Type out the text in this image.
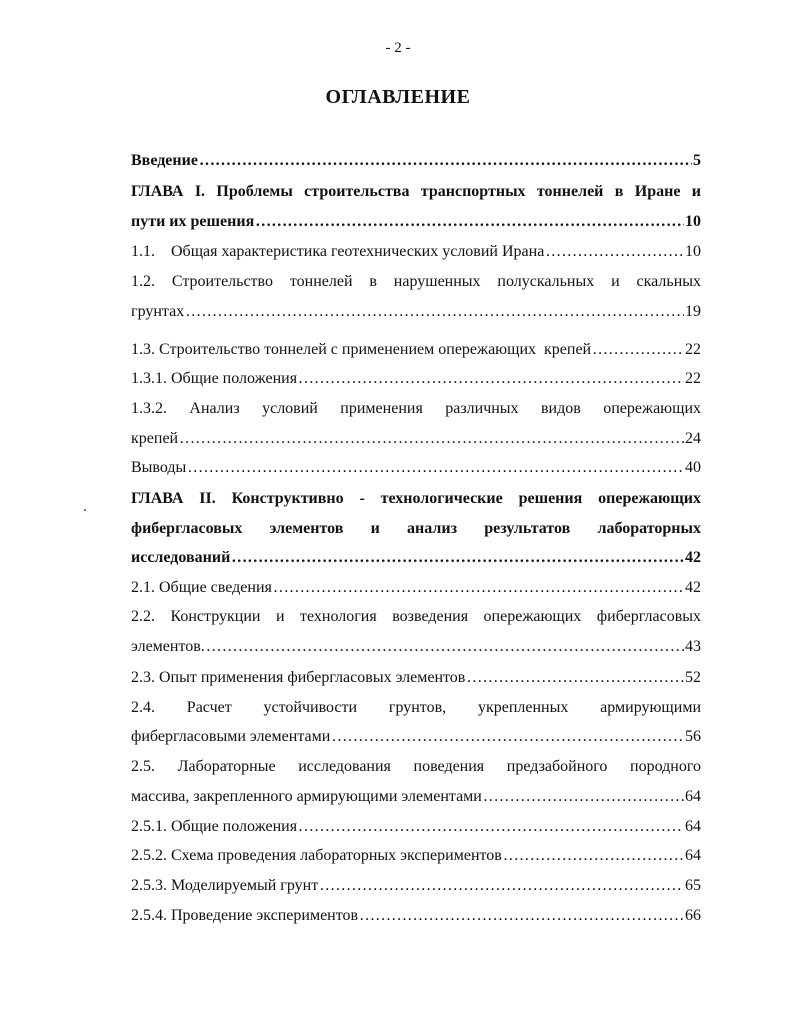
- 2 -
ОГЛАВЛЕНИЕ
Введение ……………………………………………………………………………………………………………………………………	5
ГЛАВА I. Проблемы строительства транспортных тоннелей в Иране и
пути их решения ……………………………………………………………………………………………………………………………………	10
1.1.    Общая характеристика геотехнических условий Ирана ……………………………………………………………………………………………………………………………………	10
1.2. Строительство тоннелей в нарушенных полускальных и скальных
грунтах ……………………………………………………………………………………………………………………………………	19
1.3. Строительство тоннелей с применением опережающих  крепей ……………………………………………………………………………………………………………………………………	22
1.3.1. Общие положения ……………………………………………………………………………………………………………………………………	22
1.3.2. Анализ условий применения различных видов опережающих
крепей ……………………………………………………………………………………………………………………………………	24
Выводы ……………………………………………………………………………………………………………………………………	40
ГЛАВА II. Конструктивно - технологические решения опережающих
фибергласовых элементов и анализ результатов лабораторных
исследований ……………………………………………………………………………………………………………………………………	42
2.1. Общие сведения ……………………………………………………………………………………………………………………………………	42
2.2. Конструкции и технология возведения опережающих фибергласовых
элементов. ……………………………………………………………………………………………………………………………………	43
2.3. Опыт применения фибергласовых элементов ……………………………………………………………………………………………………………………………………	52
2.4. Расчет устойчивости грунтов, укрепленных армирующими
фибергласовыми элементами ……………………………………………………………………………………………………………………………………	56
2.5. Лабораторные исследования поведения предзабойного породного
массива, закрепленного армирующими элементами ……………………………………………………………………………………………………………………………………	64
2.5.1. Общие положения ……………………………………………………………………………………………………………………………………	64
2.5.2. Схема проведения лабораторных экспериментов ……………………………………………………………………………………………………………………………………	64
2.5.3. Моделируемый грунт ……………………………………………………………………………………………………………………………………	65
2.5.4. Проведение экспериментов ……………………………………………………………………………………………………………………………………	66
